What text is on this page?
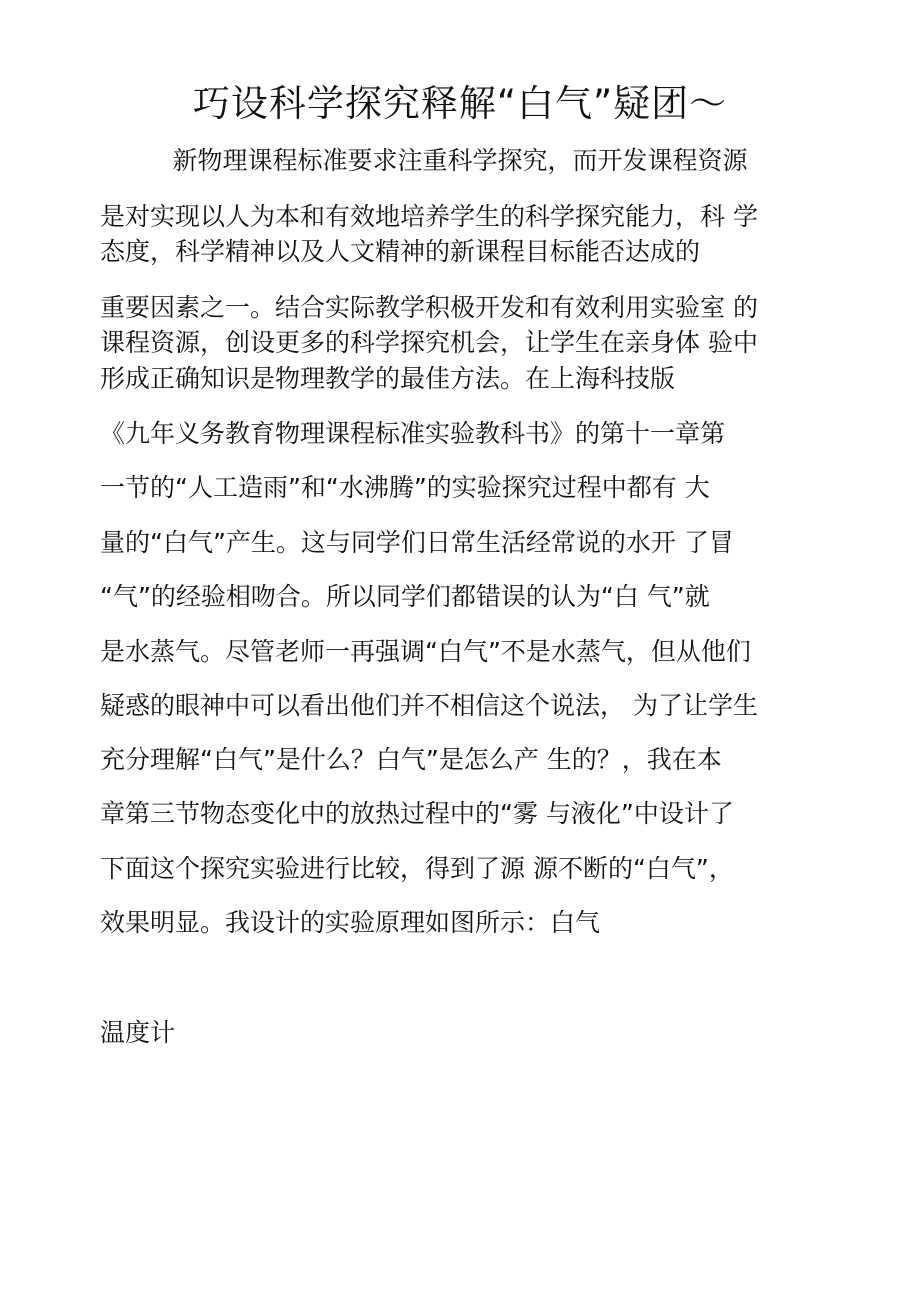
巧设科学探究释解“白气”疑团～
新物理课程标准要求注重科学探究，而开发课程资源
是对实现以人为本和有效地培养学生的科学探究能力，科 学
态度，科学精神以及人文精神的新课程目标能否达成的
重要因素之一。结合实际教学积极开发和有效利用实验室 的
课程资源，创设更多的科学探究机会，让学生在亲身体 验中
形成正确知识是物理教学的最佳方法。在上海科技版
《九年义务教育物理课程标准实验教科书》的第十一章第
一节的“人工造雨”和“水沸腾”的实验探究过程中都有 大
量的“白气”产生。这与同学们日常生活经常说的水开 了冒
“气”的经验相吻合。所以同学们都错误的认为“白 气”就
是水蒸气。尽管老师一再强调“白气”不是水蒸气，但从他们
疑惑的眼神中可以看出他们并不相信这个说法， 为了让学生
充分理解“白气”是什么？白气”是怎么产 生的？，我在本
章第三节物态变化中的放热过程中的“雾 与液化”中设计了
下面这个探究实验进行比较，得到了源 源不断的“白气”，
效果明显。我设计的实验原理如图所示：白气
温度计
